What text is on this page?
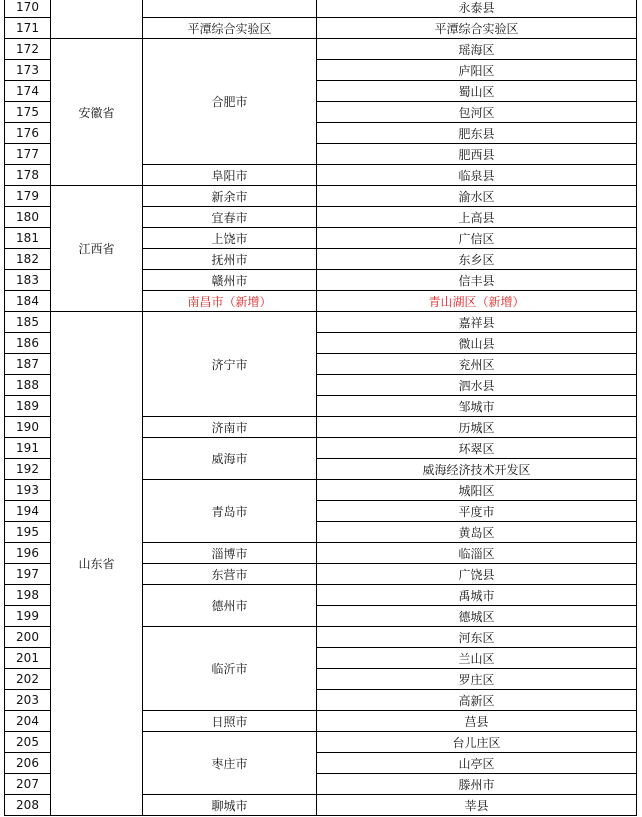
170			永泰县
171		平潭综合实验区	平潭综合实验区
172	安徽省	合肥市	瑶海区
173			庐阳区
174			蜀山区
175			包河区
176			肥东县
177			肥西县
178		阜阳市	临泉县
179	江西省	新余市	渝水区
180		宜春市	上高县
181		上饶市	广信区
182		抚州市	东乡区
183		赣州市	信丰县
184		南昌市（新增）	青山湖区（新增）
185	山东省	济宁市	嘉祥县
186			微山县
187			兖州区
188			泗水县
189			邹城市
190		济南市	历城区
191		威海市	环翠区
192			威海经济技术开发区
193		青岛市	城阳区
194			平度市
195			黄岛区
196		淄博市	临淄区
197		东营市	广饶县
198		德州市	禹城市
199			德城区
200		临沂市	河东区
201			兰山区
202			罗庄区
203			高新区
204		日照市	莒县
205		枣庄市	台儿庄区
206			山亭区
207			滕州市
208		聊城市	莘县
